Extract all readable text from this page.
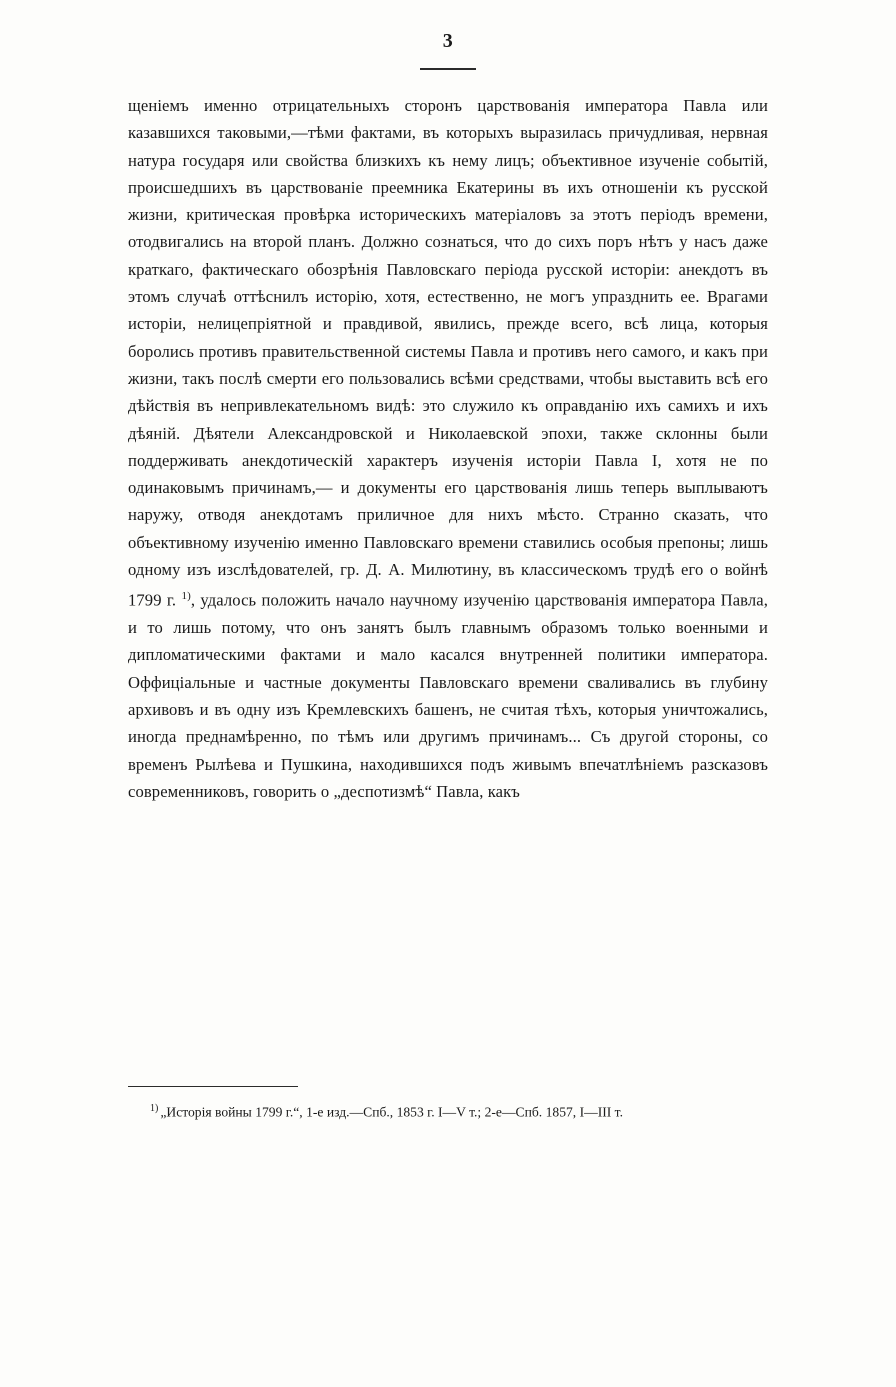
3

щеніемъ именно отрицательныхъ сторонъ царствованія императора Павла или казавшихся таковыми,—тѣми фактами, въ которыхъ выразилась причудливая, нервная натура государя или свойства близкихъ къ нему лицъ; объективное изученіе событій, происшедшихъ въ царствованіе преемника Екатерины въ ихъ отношеніи къ русской жизни, критическая провѣрка историческихъ матеріаловъ за этотъ періодъ времени, отодвигались на второй планъ. Должно сознаться, что до сихъ поръ нѣтъ у насъ даже краткаго, фактическаго обозрѣнія Павловскаго періода русской исторіи: анекдотъ въ этомъ случаѣ оттѣснилъ исторію, хотя, естественно, не могъ упразднить ее. Врагами исторіи, нелицепріятной и правдивой, явились, прежде всего, всѣ лица, которыя боролись противъ правительственной системы Павла и противъ него самого, и какъ при жизни, такъ послѣ смерти его пользовались всѣми средствами, чтобы выставить всѣ его дѣйствія въ непривлекательномъ видѣ: это служило къ оправданію ихъ самихъ и ихъ дѣяній. Дѣятели Александровской и Николаевской эпохи, также склонны были поддерживать анекдотическій характеръ изученія исторіи Павла I, хотя не по одинаковымъ причинамъ,— и документы его царствованія лишь теперь выплываютъ наружу, отводя анекдотамъ приличное для нихъ мѣсто. Странно сказать, что объективному изученію именно Павловскаго времени ставились особыя препоны; лишь одному изъ изслѣдователей, гр. Д. А. Милютину, въ классическомъ трудѣ его о войнѣ 1799 г. $^{1)}$, удалось положить начало научному изученію царствованія императора Павла, и то лишь потому, что онъ занятъ былъ главнымъ образомъ только военными и дипломатическими фактами и мало касался внутренней политики императора. Оффиціальные и частные документы Павловскаго времени сваливались въ глубину архивовъ и въ одну изъ Кремлевскихъ башенъ, не считая тѣхъ, которыя уничтожались, иногда преднамѣренно, по тѣмъ или другимъ причинамъ... Съ другой стороны, со временъ Рылѣева и Пушкина, находившихся подъ живымъ впечатлѣніемъ разсказовъ современниковъ, говорить о „деспотизмѣ“ Павла, какъ

$^{1)}$ „Исторія войны 1799 г.“, 1-е изд.—Спб., 1853 г. I—V т.; 2-е—Спб. 1857, I—III т.
